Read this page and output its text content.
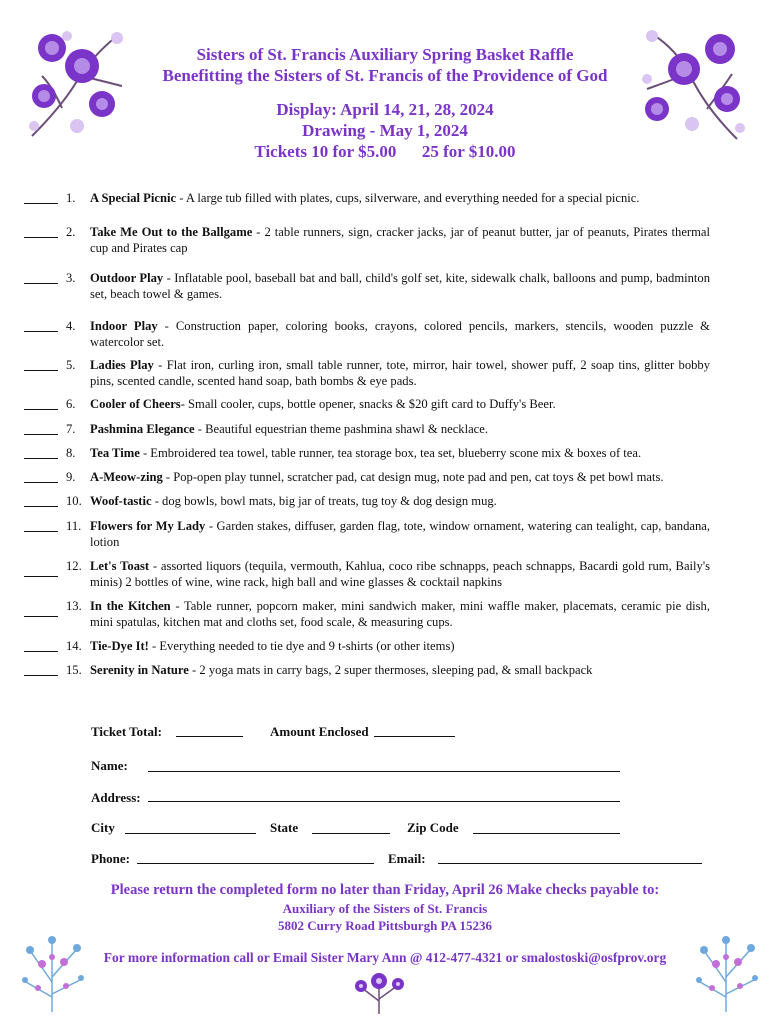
Sisters of St. Francis Auxiliary Spring Basket Raffle
Benefitting the Sisters of St. Francis of the Providence of God
Display: April 14, 21, 28, 2024
Drawing - May 1, 2024
Tickets 10 for $5.00      25 for $10.00
1.	A Special Picnic - A large tub filled with plates, cups, silverware, and everything needed for a special picnic.
2.	Take Me Out to the Ballgame - 2 table runners, sign, cracker jacks, jar of peanut butter, jar of peanuts, Pirates thermal cup and Pirates cap
3.	Outdoor Play - Inflatable pool, baseball bat and ball, child's golf set, kite, sidewalk chalk, balloons and pump, badminton set, beach towel & games.
4.	Indoor Play - Construction paper, coloring books, crayons, colored pencils, markers, stencils, wooden puzzle & watercolor set.
5.	Ladies Play - Flat iron, curling iron, small table runner, tote, mirror, hair towel, shower puff, 2 soap tins, glitter bobby pins, scented candle, scented hand soap, bath bombs & eye pads.
6.	Cooler of Cheers- Small cooler, cups, bottle opener, snacks & $20 gift card to Duffy's Beer.
7.	Pashmina Elegance - Beautiful equestrian theme pashmina shawl & necklace.
8.	Tea Time - Embroidered tea towel, table runner, tea storage box, tea set, blueberry scone mix & boxes of tea.
9.	A-Meow-zing - Pop-open play tunnel, scratcher pad, cat design mug, note pad and pen, cat toys & pet bowl mats.
10. Woof-tastic - dog bowls, bowl mats, big jar of treats, tug toy & dog design mug.
11. Flowers for My Lady - Garden stakes, diffuser, garden flag, tote, window ornament, watering can tealight, cap, bandana, lotion
12. Let's Toast - assorted liquors (tequila, vermouth, Kahlua, coco ribe schnapps, peach schnapps, Bacardi gold rum, Baily's minis) 2 bottles of wine, wine rack, high ball and wine glasses & cocktail napkins
13. In the Kitchen - Table runner, popcorn maker, mini sandwich maker, mini waffle maker, placemats, ceramic pie dish, mini spatulas, kitchen mat and cloths set, food scale, & measuring cups.
14. Tie-Dye It! - Everything needed to tie dye and 9 t-shirts (or other items)
15. Serenity in Nature - 2 yoga mats in carry bags, 2 super thermoses, sleeping pad, & small backpack
Ticket Total:	Amount Enclosed
Name:
Address:
City	State	Zip Code
Phone:	Email:
Please return the completed form no later than Friday, April 26 Make checks payable to:
Auxiliary of the Sisters of St. Francis
5802 Curry Road Pittsburgh PA 15236
For more information call or Email Sister Mary Ann @ 412-477-4321 or smalostoski@osfprov.org
